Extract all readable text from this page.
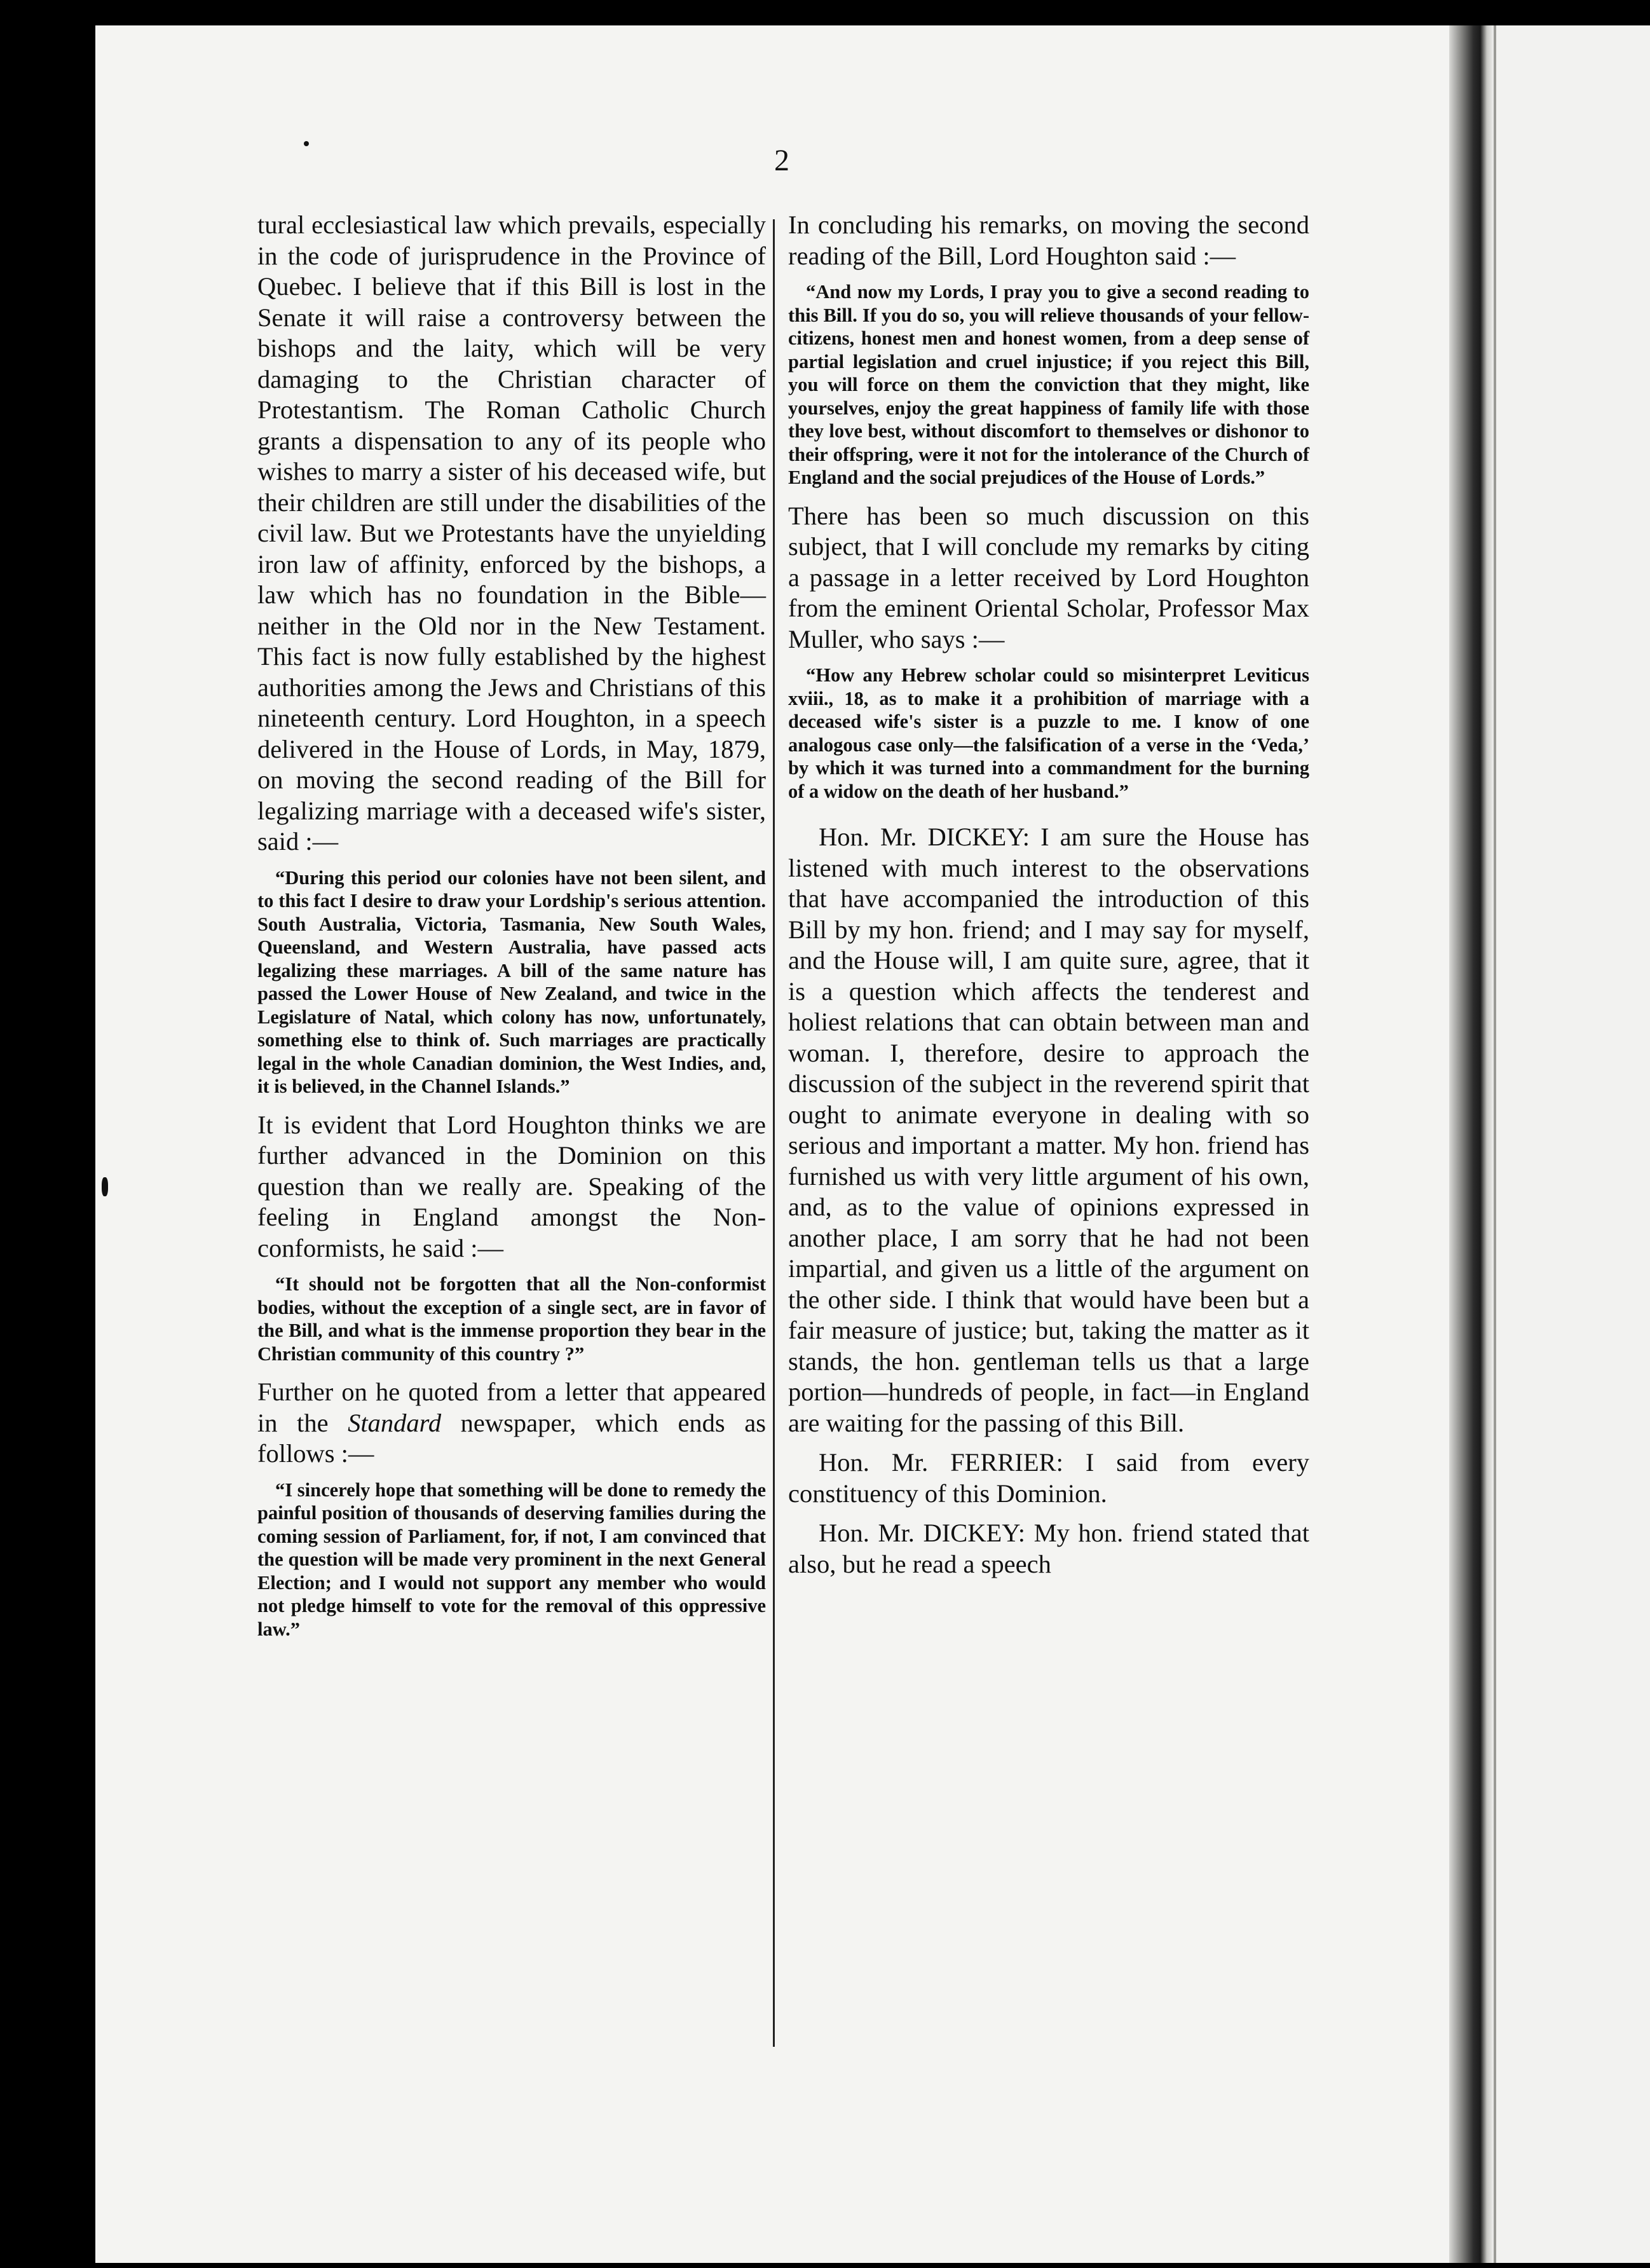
2

tural ecclesiastical law which prevails, especially in the code of jurisprudence in the Province of Quebec. I believe that if this Bill is lost in the Senate it will raise a controversy between the bishops and the laity, which will be very damaging to the Christian character of Protestantism. The Roman Catholic Church grants a dispensation to any of its people who wishes to marry a sister of his deceased wife, but their children are still under the disabilities of the civil law. But we Protestants have the unyielding iron law of affinity, enforced by the bishops, a law which has no foundation in the Bible—neither in the Old nor in the New Testament. This fact is now fully established by the highest authorities among the Jews and Christians of this nineteenth century. Lord Houghton, in a speech delivered in the House of Lords, in May, 1879, on moving the second reading of the Bill for legalizing marriage with a deceased wife's sister, said :—

“During this period our colonies have not been silent, and to this fact I desire to draw your Lordship's serious attention. South Australia, Victoria, Tasmania, New South Wales, Queensland, and Western Australia, have passed acts legalizing these marriages. A bill of the same nature has passed the Lower House of New Zealand, and twice in the Legislature of Natal, which colony has now, unfortunately, something else to think of. Such marriages are practically legal in the whole Canadian dominion, the West Indies, and, it is believed, in the Channel Islands.”

It is evident that Lord Houghton thinks we are further advanced in the Dominion on this question than we really are. Speaking of the feeling in England amongst the Non-conformists, he said :—

“It should not be forgotten that all the Non-conformist bodies, without the exception of a single sect, are in favor of the Bill, and what is the immense proportion they bear in the Christian community of this country ?”

Further on he quoted from a letter that appeared in the Standard newspaper, which ends as follows :—

“I sincerely hope that something will be done to remedy the painful position of thousands of deserving families during the coming session of Parliament, for, if not, I am convinced that the question will be made very prominent in the next General Election; and I would not support any member who would not pledge himself to vote for the removal of this oppressive law.”

In concluding his remarks, on moving the second reading of the Bill, Lord Houghton said :—

“And now my Lords, I pray you to give a second reading to this Bill. If you do so, you will relieve thousands of your fellow-citizens, honest men and honest women, from a deep sense of partial legislation and cruel injustice; if you reject this Bill, you will force on them the conviction that they might, like yourselves, enjoy the great happiness of family life with those they love best, without discomfort to themselves or dishonor to their offspring, were it not for the intolerance of the Church of England and the social prejudices of the House of Lords.”

There has been so much discussion on this subject, that I will conclude my remarks by citing a passage in a letter received by Lord Houghton from the eminent Oriental Scholar, Professor Max Muller, who says :—

“How any Hebrew scholar could so misinterpret Leviticus xviii., 18, as to make it a prohibition of marriage with a deceased wife's sister is a puzzle to me. I know of one analogous case only—the falsification of a verse in the ‘Veda,’ by which it was turned into a commandment for the burning of a widow on the death of her husband.”

Hon. Mr. DICKEY: I am sure the House has listened with much interest to the observations that have accompanied the introduction of this Bill by my hon. friend; and I may say for myself, and the House will, I am quite sure, agree, that it is a question which affects the tenderest and holiest relations that can obtain between man and woman. I, therefore, desire to approach the discussion of the subject in the reverend spirit that ought to animate everyone in dealing with so serious and important a matter. My hon. friend has furnished us with very little argument of his own, and, as to the value of opinions expressed in another place, I am sorry that he had not been impartial, and given us a little of the argument on the other side. I think that would have been but a fair measure of justice; but, taking the matter as it stands, the hon. gentleman tells us that a large portion—hundreds of people, in fact—in England are waiting for the passing of this Bill.

Hon. Mr. FERRIER: I said from every constituency of this Dominion.

Hon. Mr. DICKEY: My hon. friend stated that also, but he read a speech
